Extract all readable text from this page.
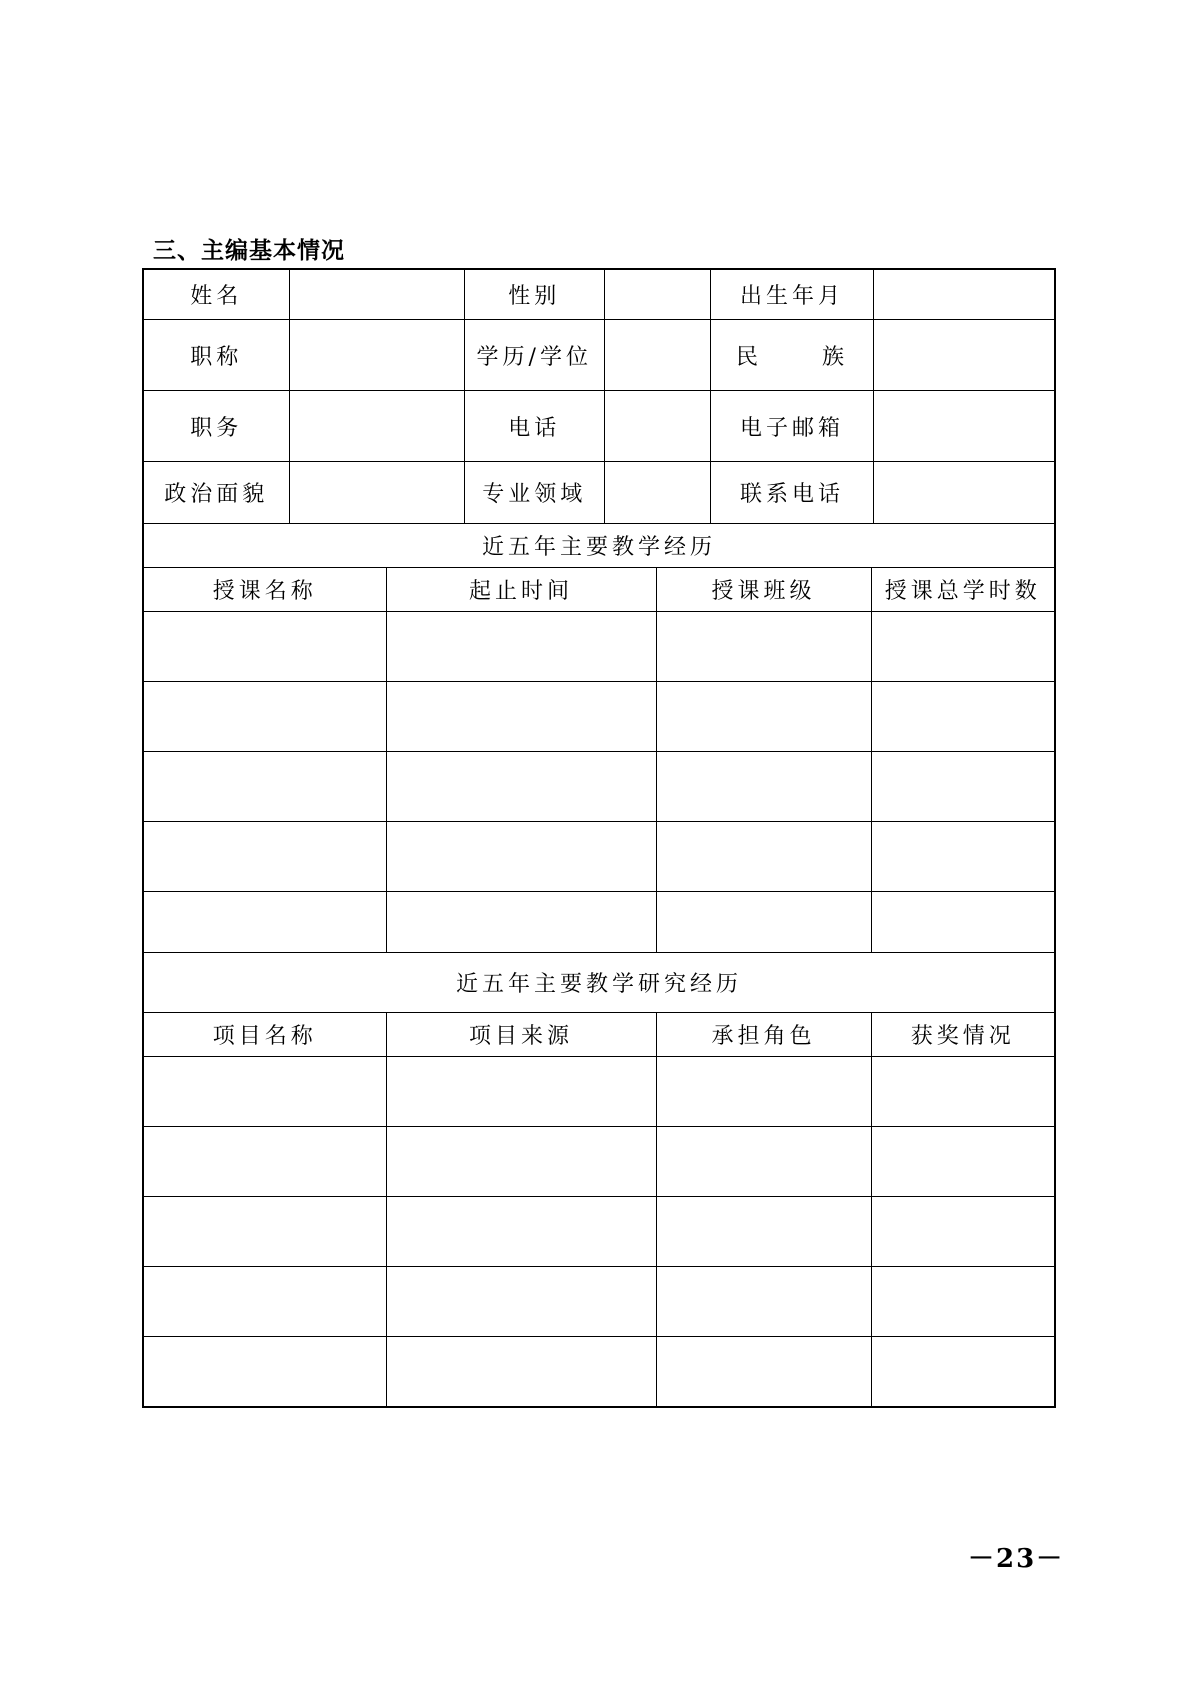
三、主编基本情况
姓名			性别		出生年月	

职称			学历/学位		民	族	

职务			电话		电子邮箱	

政治面貌			专业领域		联系电话	

近五年主要教学经历
授课名称	起止时间	授课班级	授课总学时数

近五年主要教学研究经历
项目名称	项目来源	承担角色	获奖情况

－23－
